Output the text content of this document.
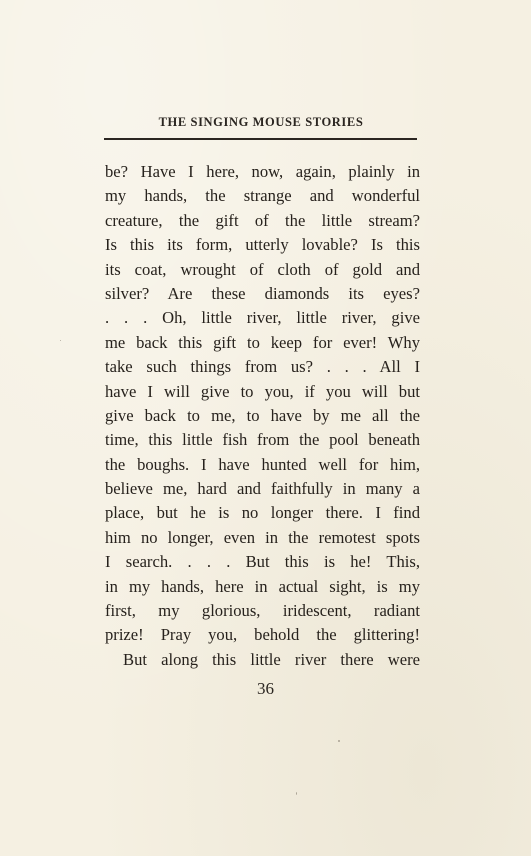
THE SINGING MOUSE STORIES
be? Have I here, now, again, plainly in
my hands, the strange and wonderful
creature, the gift of the little stream?
Is this its form, utterly lovable? Is this
its coat, wrought of cloth of gold and
silver? Are these diamonds its eyes?
. . . Oh, little river, little river, give
me back this gift to keep for ever! Why
take such things from us? . . . All I
have I will give to you, if you will but
give back to me, to have by me all the
time, this little fish from the pool beneath
the boughs. I have hunted well for him,
believe me, hard and faithfully in many a
place, but he is no longer there. I find
him no longer, even in the remotest spots
I search. . . . But this is he! This,
in my hands, here in actual sight, is my
first, my glorious, iridescent, radiant
prize! Pray you, behold the glittering!
But along this little river there were
36
